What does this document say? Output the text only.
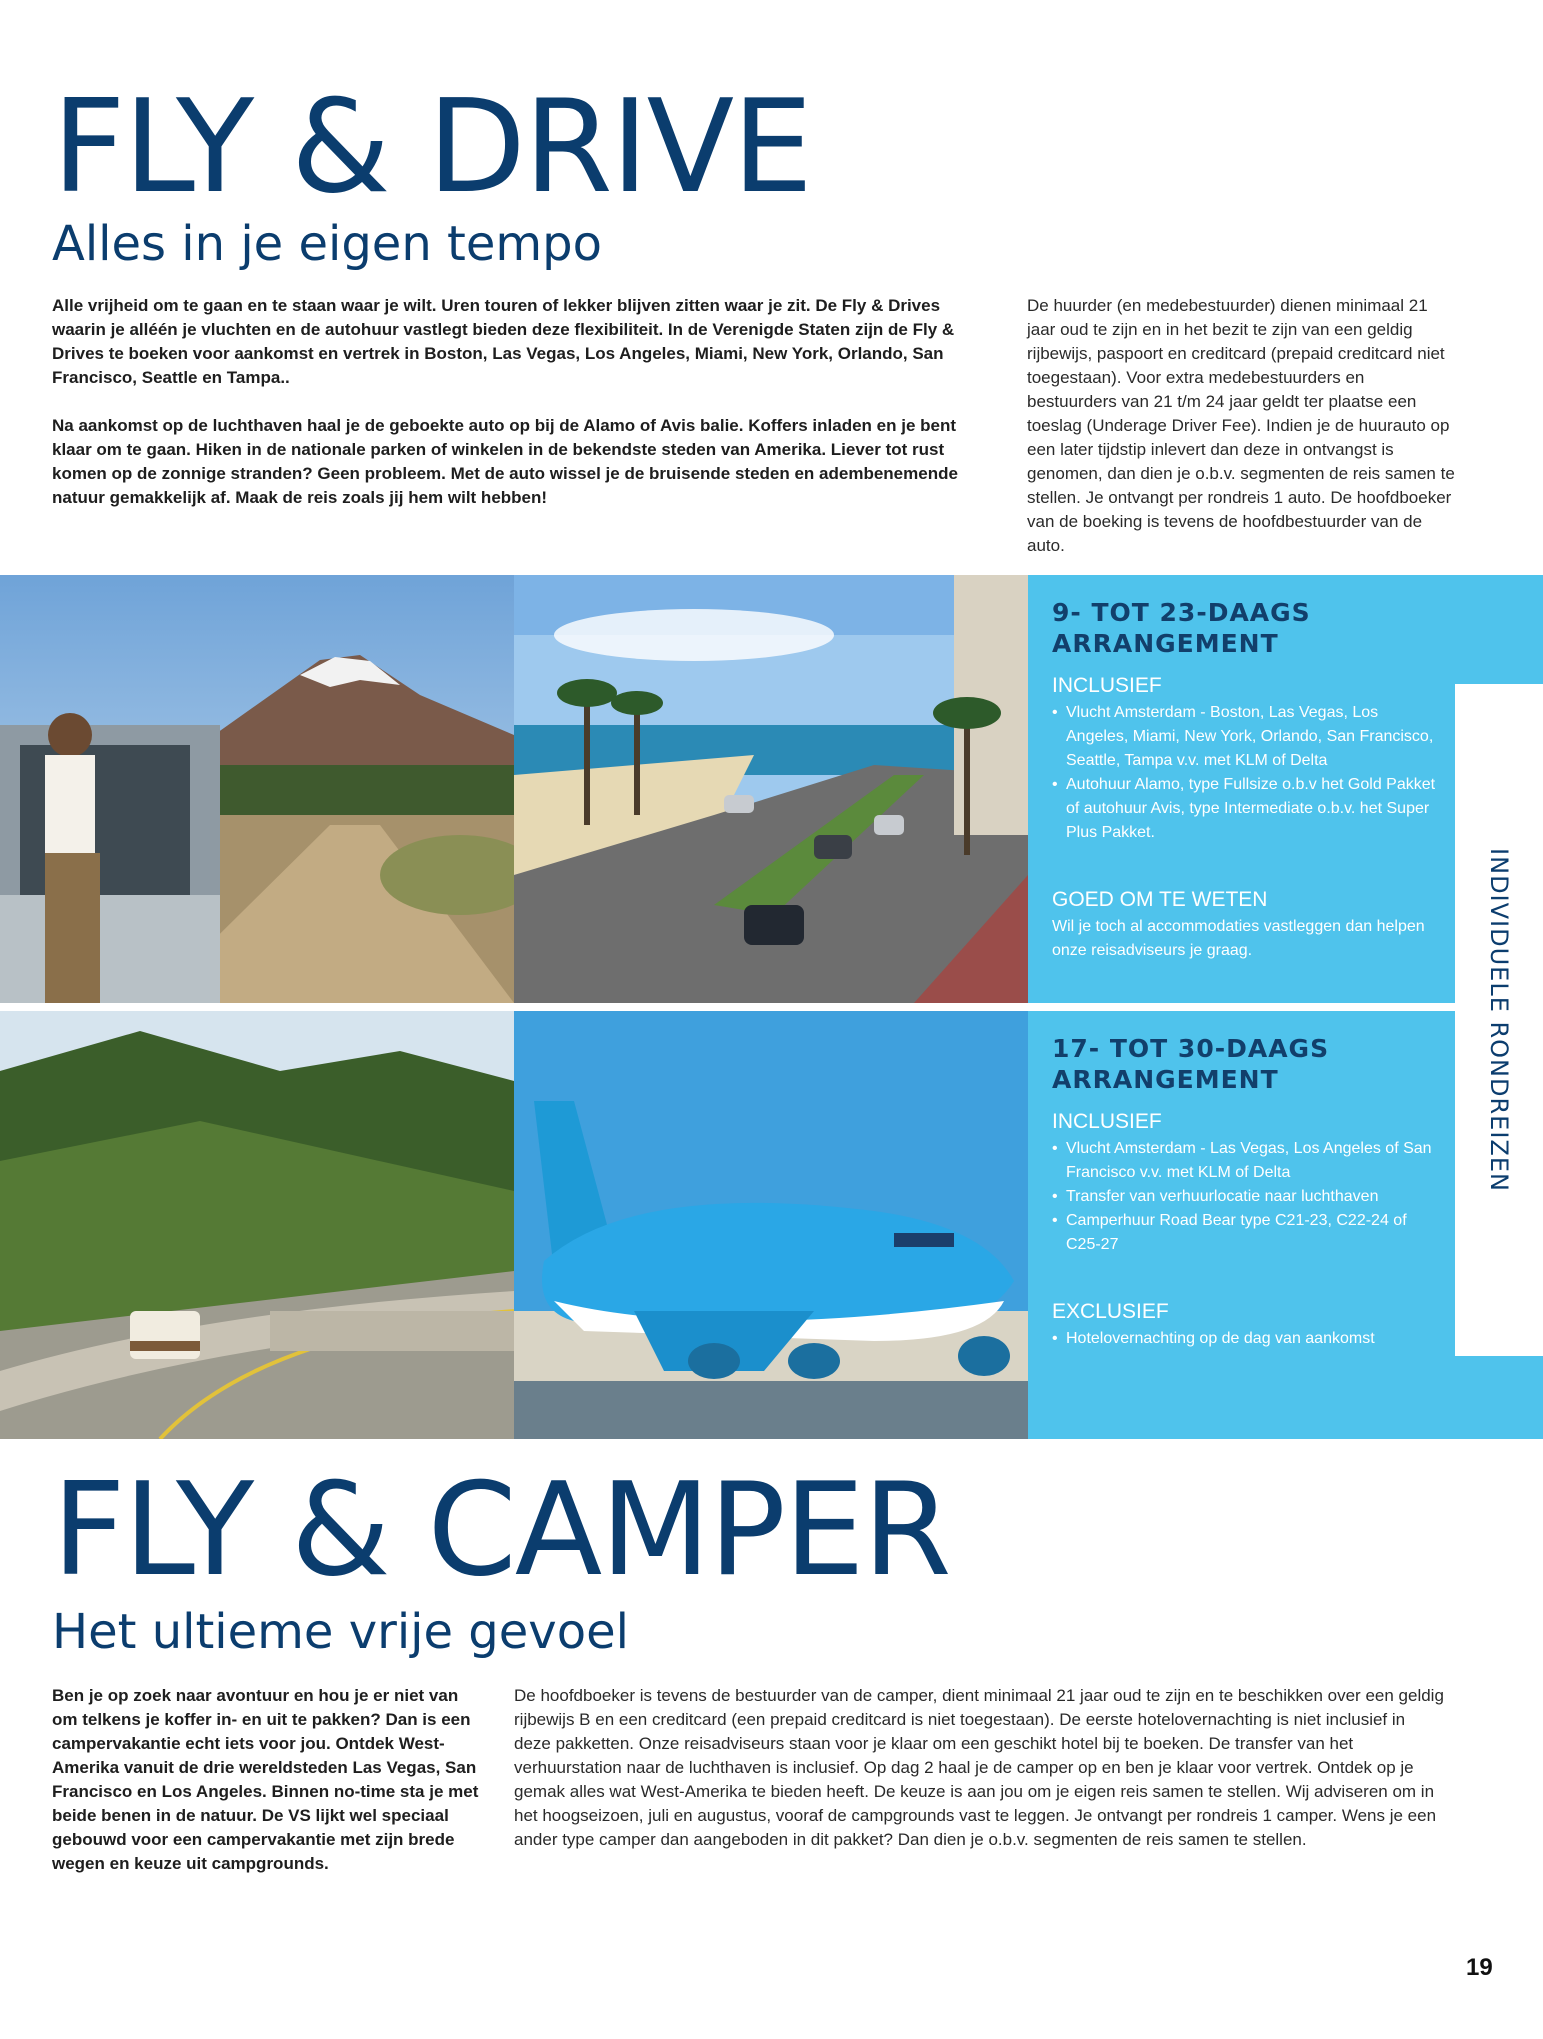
FLY & DRIVE
Alles in je eigen tempo

Alle vrijheid om te gaan en te staan waar je wilt. Uren touren of lekker blijven zitten waar je zit. De Fly & Drives waarin je alléén je vluchten en de autohuur vastlegt bieden deze flexibiliteit. In de Verenigde Staten zijn de Fly & Drives te boeken voor aankomst en vertrek in Boston, Las Vegas, Los Angeles, Miami, New York, Orlando, San Francisco, Seattle en Tampa..

Na aankomst op de luchthaven haal je de geboekte auto op bij de Alamo of Avis balie. Koffers inladen en je bent klaar om te gaan. Hiken in de nationale parken of winkelen in de bekendste steden van Amerika. Liever tot rust komen op de zonnige stranden? Geen probleem. Met de auto wissel je de bruisende steden en adembenemende natuur gemakkelijk af. Maak de reis zoals jij hem wilt hebben!

De huurder (en medebestuurder) dienen minimaal 21 jaar oud te zijn en in het bezit te zijn van een geldig rijbewijs, paspoort en creditcard (prepaid creditcard niet toegestaan). Voor extra medebestuurders en bestuurders van 21 t/m 24 jaar geldt ter plaatse een toeslag (Underage Driver Fee). Indien je de huurauto op een later tijdstip inlevert dan deze in ontvangst is genomen, dan dien je o.b.v. segmenten de reis samen te stellen. Je ontvangt per rondreis 1 auto. De hoofdboeker van de boeking is tevens de hoofdbestuurder van de auto.
9- TOT 23-DAAGS ARRANGEMENT
INCLUSIEF
• Vlucht Amsterdam - Boston, Las Vegas, Los Angeles, Miami, New York, Orlando, San Francisco, Seattle, Tampa v.v. met KLM of Delta
• Autohuur Alamo, type Fullsize o.b.v het Gold Pakket of autohuur Avis, type Intermediate o.b.v. het Super Plus Pakket.
GOED OM TE WETEN

Wil je toch al accommodaties vastleggen dan helpen onze reisadviseurs je graag.

17- TOT 30-DAAGS ARRANGEMENT
INCLUSIEF
• Vlucht Amsterdam - Las Vegas, Los Angeles of San Francisco v.v. met KLM of Delta
• Transfer van verhuurlocatie naar luchthaven
• Camperhuur Road Bear type C21-23, C22-24 of C25-27
EXCLUSIEF
• Hotelovernachting op de dag van aankomst
INDIVIDUELE RONDREIZEN
FLY & CAMPER
Het ultieme vrije gevoel
Ben je op zoek naar avontuur en hou je er niet van om telkens je koffer in- en uit te pakken? Dan is een campervakantie echt iets voor jou. Ontdek West-Amerika vanuit de drie wereldsteden Las Vegas, San Francisco en Los Angeles. Binnen no-time sta je met beide benen in de natuur. De VS lijkt wel speciaal gebouwd voor een campervakantie met zijn brede wegen en keuze uit campgrounds.
De hoofdboeker is tevens de bestuurder van de camper, dient minimaal 21 jaar oud te zijn en te beschikken over een geldig rijbewijs B en een creditcard (een prepaid creditcard is niet toegestaan). De eerste hotelovernachting is niet inclusief in deze pakketten. Onze reisadviseurs staan voor je klaar om een geschikt hotel bij te boeken. De transfer van het verhuurstation naar de luchthaven is inclusief. Op dag 2 haal je de camper op en ben je klaar voor vertrek. Ontdek op je gemak alles wat West-Amerika te bieden heeft. De keuze is aan jou om je eigen reis samen te stellen. Wij adviseren om in het hoogseizoen, juli en augustus, vooraf de campgrounds vast te leggen. Je ontvangt per rondreis 1 camper. Wens je een ander type camper dan aangeboden in dit pakket? Dan dien je o.b.v. segmenten de reis samen te stellen.
19
